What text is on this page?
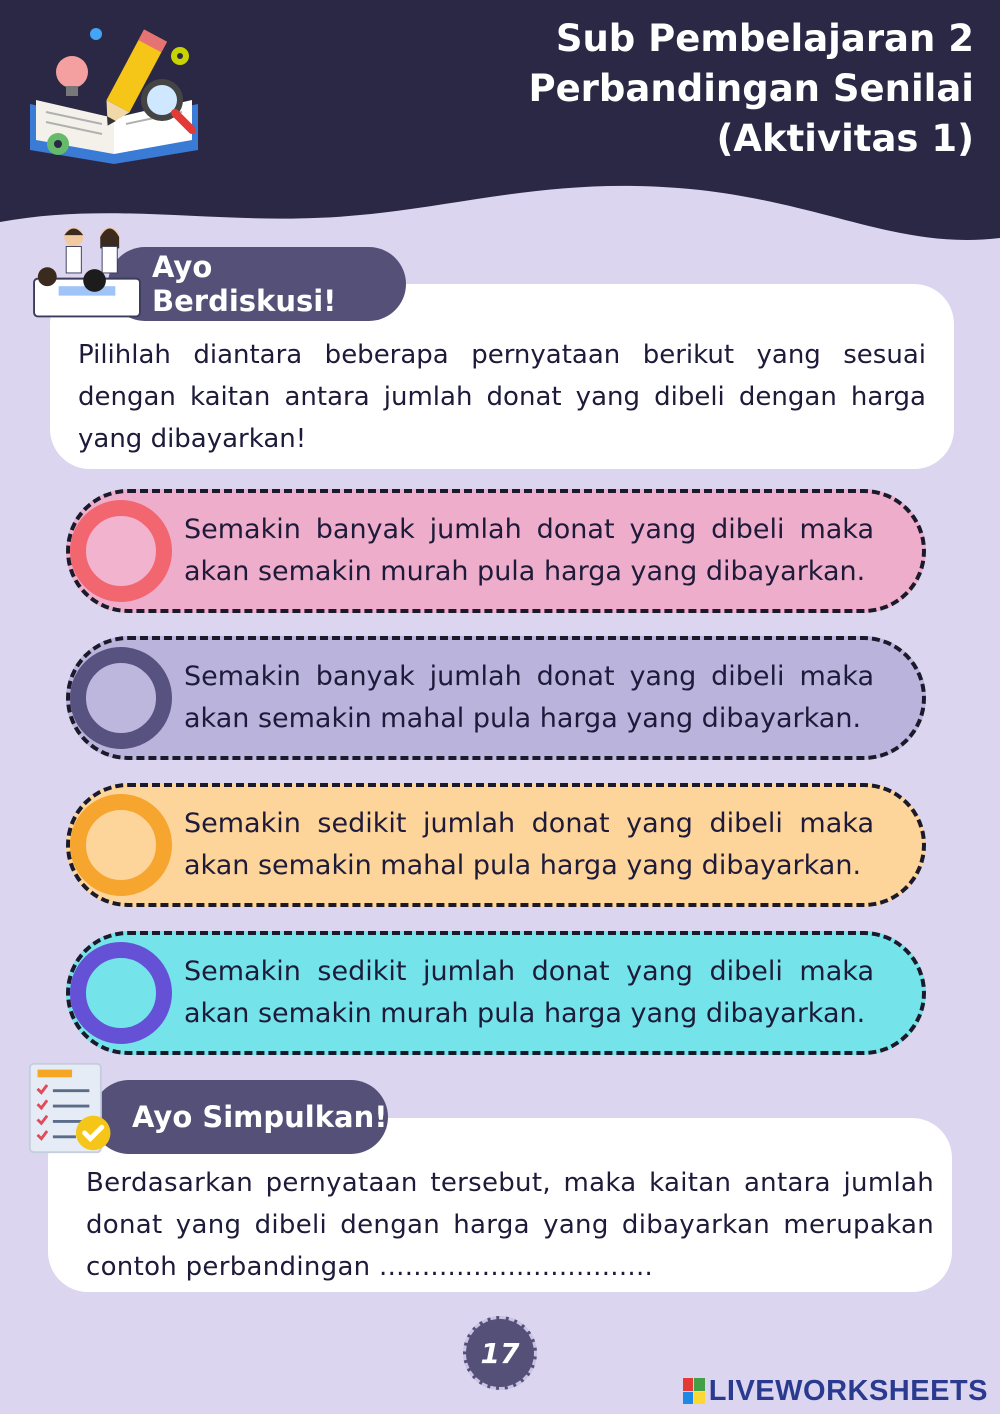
Sub Pembelajaran 2
Perbandingan Senilai
(Aktivitas 1)

Pilihlah diantara beberapa pernyataan berikut yang sesuai dengan kaitan antara jumlah donat yang dibeli dengan harga yang dibayarkan!

Ayo Berdiskusi!

Semakin banyak jumlah donat yang dibeli maka akan semakin murah pula harga yang dibayarkan.

Semakin banyak jumlah donat yang dibeli maka akan semakin mahal pula harga yang dibayarkan.

Semakin sedikit jumlah donat yang dibeli maka akan semakin mahal pula harga yang dibayarkan.

Semakin sedikit jumlah donat yang dibeli maka akan semakin murah pula harga yang dibayarkan.

Berdasarkan pernyataan tersebut, maka kaitan antara jumlah donat yang dibeli dengan harga yang dibayarkan merupakan contoh perbandingan ................................

Ayo Simpulkan!
17
LIVEWORKSHEETS
